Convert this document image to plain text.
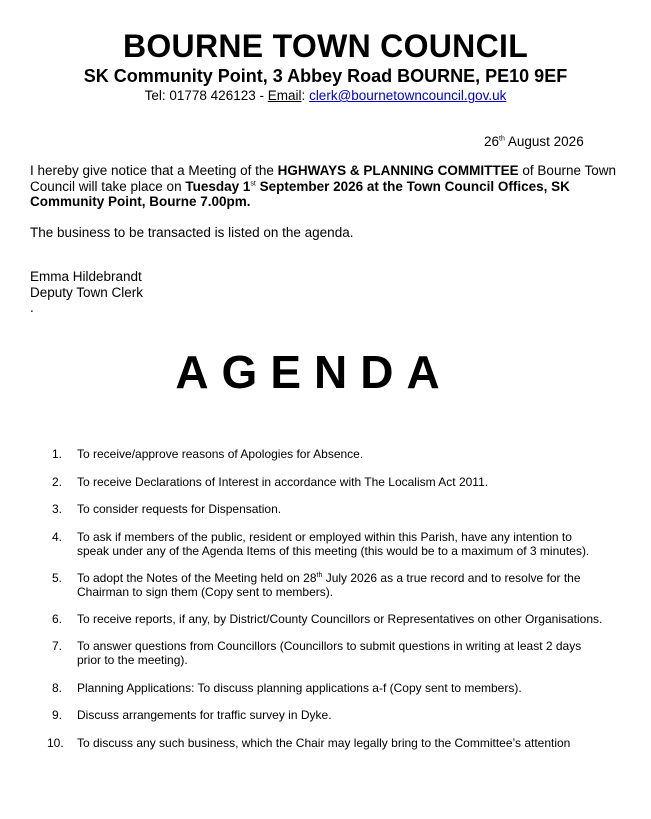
BOURNE TOWN COUNCIL
SK Community Point, 3 Abbey Road BOURNE, PE10 9EF
Tel: 01778 426123 - Email: clerk@bournetowncouncil.gov.uk
26th August 2026
I hereby give notice that a Meeting of the HGHWAYS & PLANNING COMMITTEE of Bourne Town Council will take place on Tuesday 1st September 2026 at the Town Council Offices, SK Community Point, Bourne 7.00pm.
The business to be transacted is listed on the agenda.
Emma Hildebrandt
Deputy Town Clerk
.
AGENDA
1.	To receive/approve reasons of Apologies for Absence.
2.	To receive Declarations of Interest in accordance with The Localism Act 2011.
3.	To consider requests for Dispensation.
4.	To ask if members of the public, resident or employed within this Parish, have any intention to speak under any of the Agenda Items of this meeting (this would be to a maximum of 3 minutes).
5.	To adopt the Notes of the Meeting held on 28th July 2026 as a true record and to resolve for the Chairman to sign them (Copy sent to members).
6.	To receive reports, if any, by District/County Councillors or Representatives on other Organisations.
7.	To answer questions from Councillors (Councillors to submit questions in writing at least 2 days prior to the meeting).
8.	Planning Applications: To discuss planning applications a-f (Copy sent to members).
9.	Discuss arrangements for traffic survey in Dyke.
10. To discuss any such business, which the Chair may legally bring to the Committee’s attention
